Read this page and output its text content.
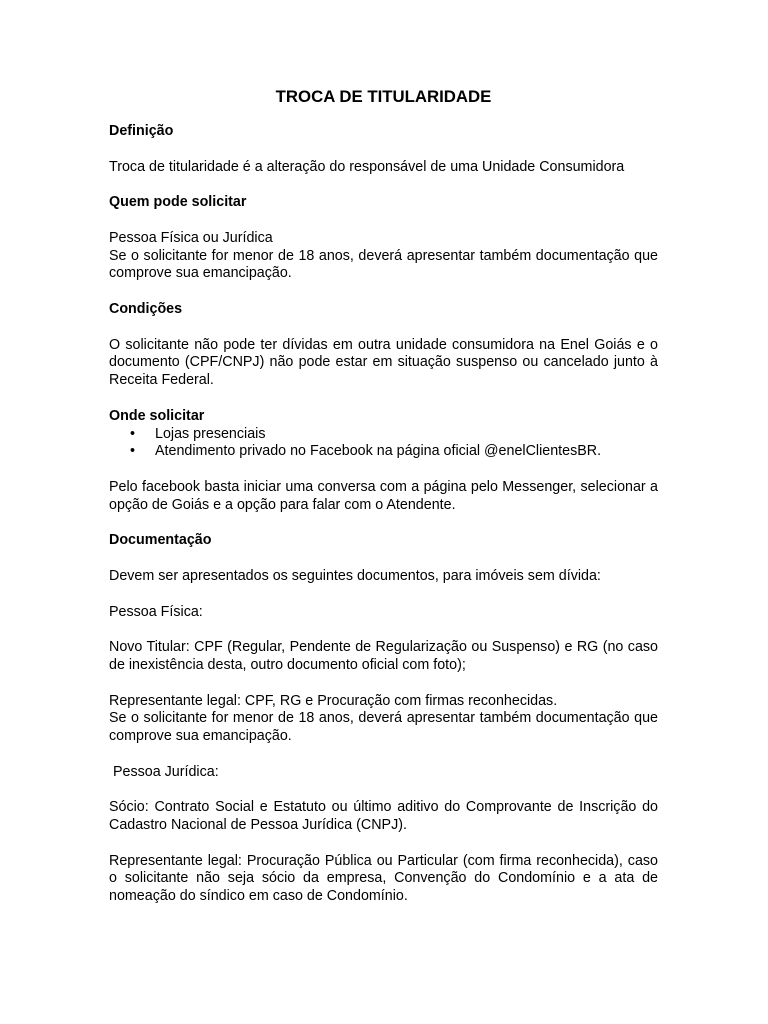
TROCA DE TITULARIDADE

Definição

Troca de titularidade é a alteração do responsável de uma Unidade Consumidora

Quem pode solicitar

Pessoa Física ou Jurídica

Se o solicitante for menor de 18 anos, deverá apresentar também documentação que comprove sua emancipação.

Condições

O solicitante não pode ter dívidas em outra unidade consumidora na Enel Goiás e o documento (CPF/CNPJ) não pode estar em situação suspenso ou cancelado junto à Receita Federal.

Onde solicitar

• Lojas presenciais
• Atendimento privado no Facebook na página oficial @enelClientesBR.

Pelo facebook basta iniciar uma conversa com a página pelo Messenger, selecionar a opção de Goiás e a opção para falar com o Atendente.

Documentação

Devem ser apresentados os seguintes documentos, para imóveis sem dívida:

Pessoa Física:

Novo Titular: CPF (Regular, Pendente de Regularização ou Suspenso) e RG (no caso de inexistência desta, outro documento oficial com foto);

Representante legal: CPF, RG e Procuração com firmas reconhecidas.

Se o solicitante for menor de 18 anos, deverá apresentar também documentação que comprove sua emancipação.

Pessoa Jurídica:

Sócio: Contrato Social e Estatuto ou último aditivo do Comprovante de Inscrição do Cadastro Nacional de Pessoa Jurídica (CNPJ).

Representante legal: Procuração Pública ou Particular (com firma reconhecida), caso o solicitante não seja sócio da empresa, Convenção do Condomínio e a ata de nomeação do síndico em caso de Condomínio.
